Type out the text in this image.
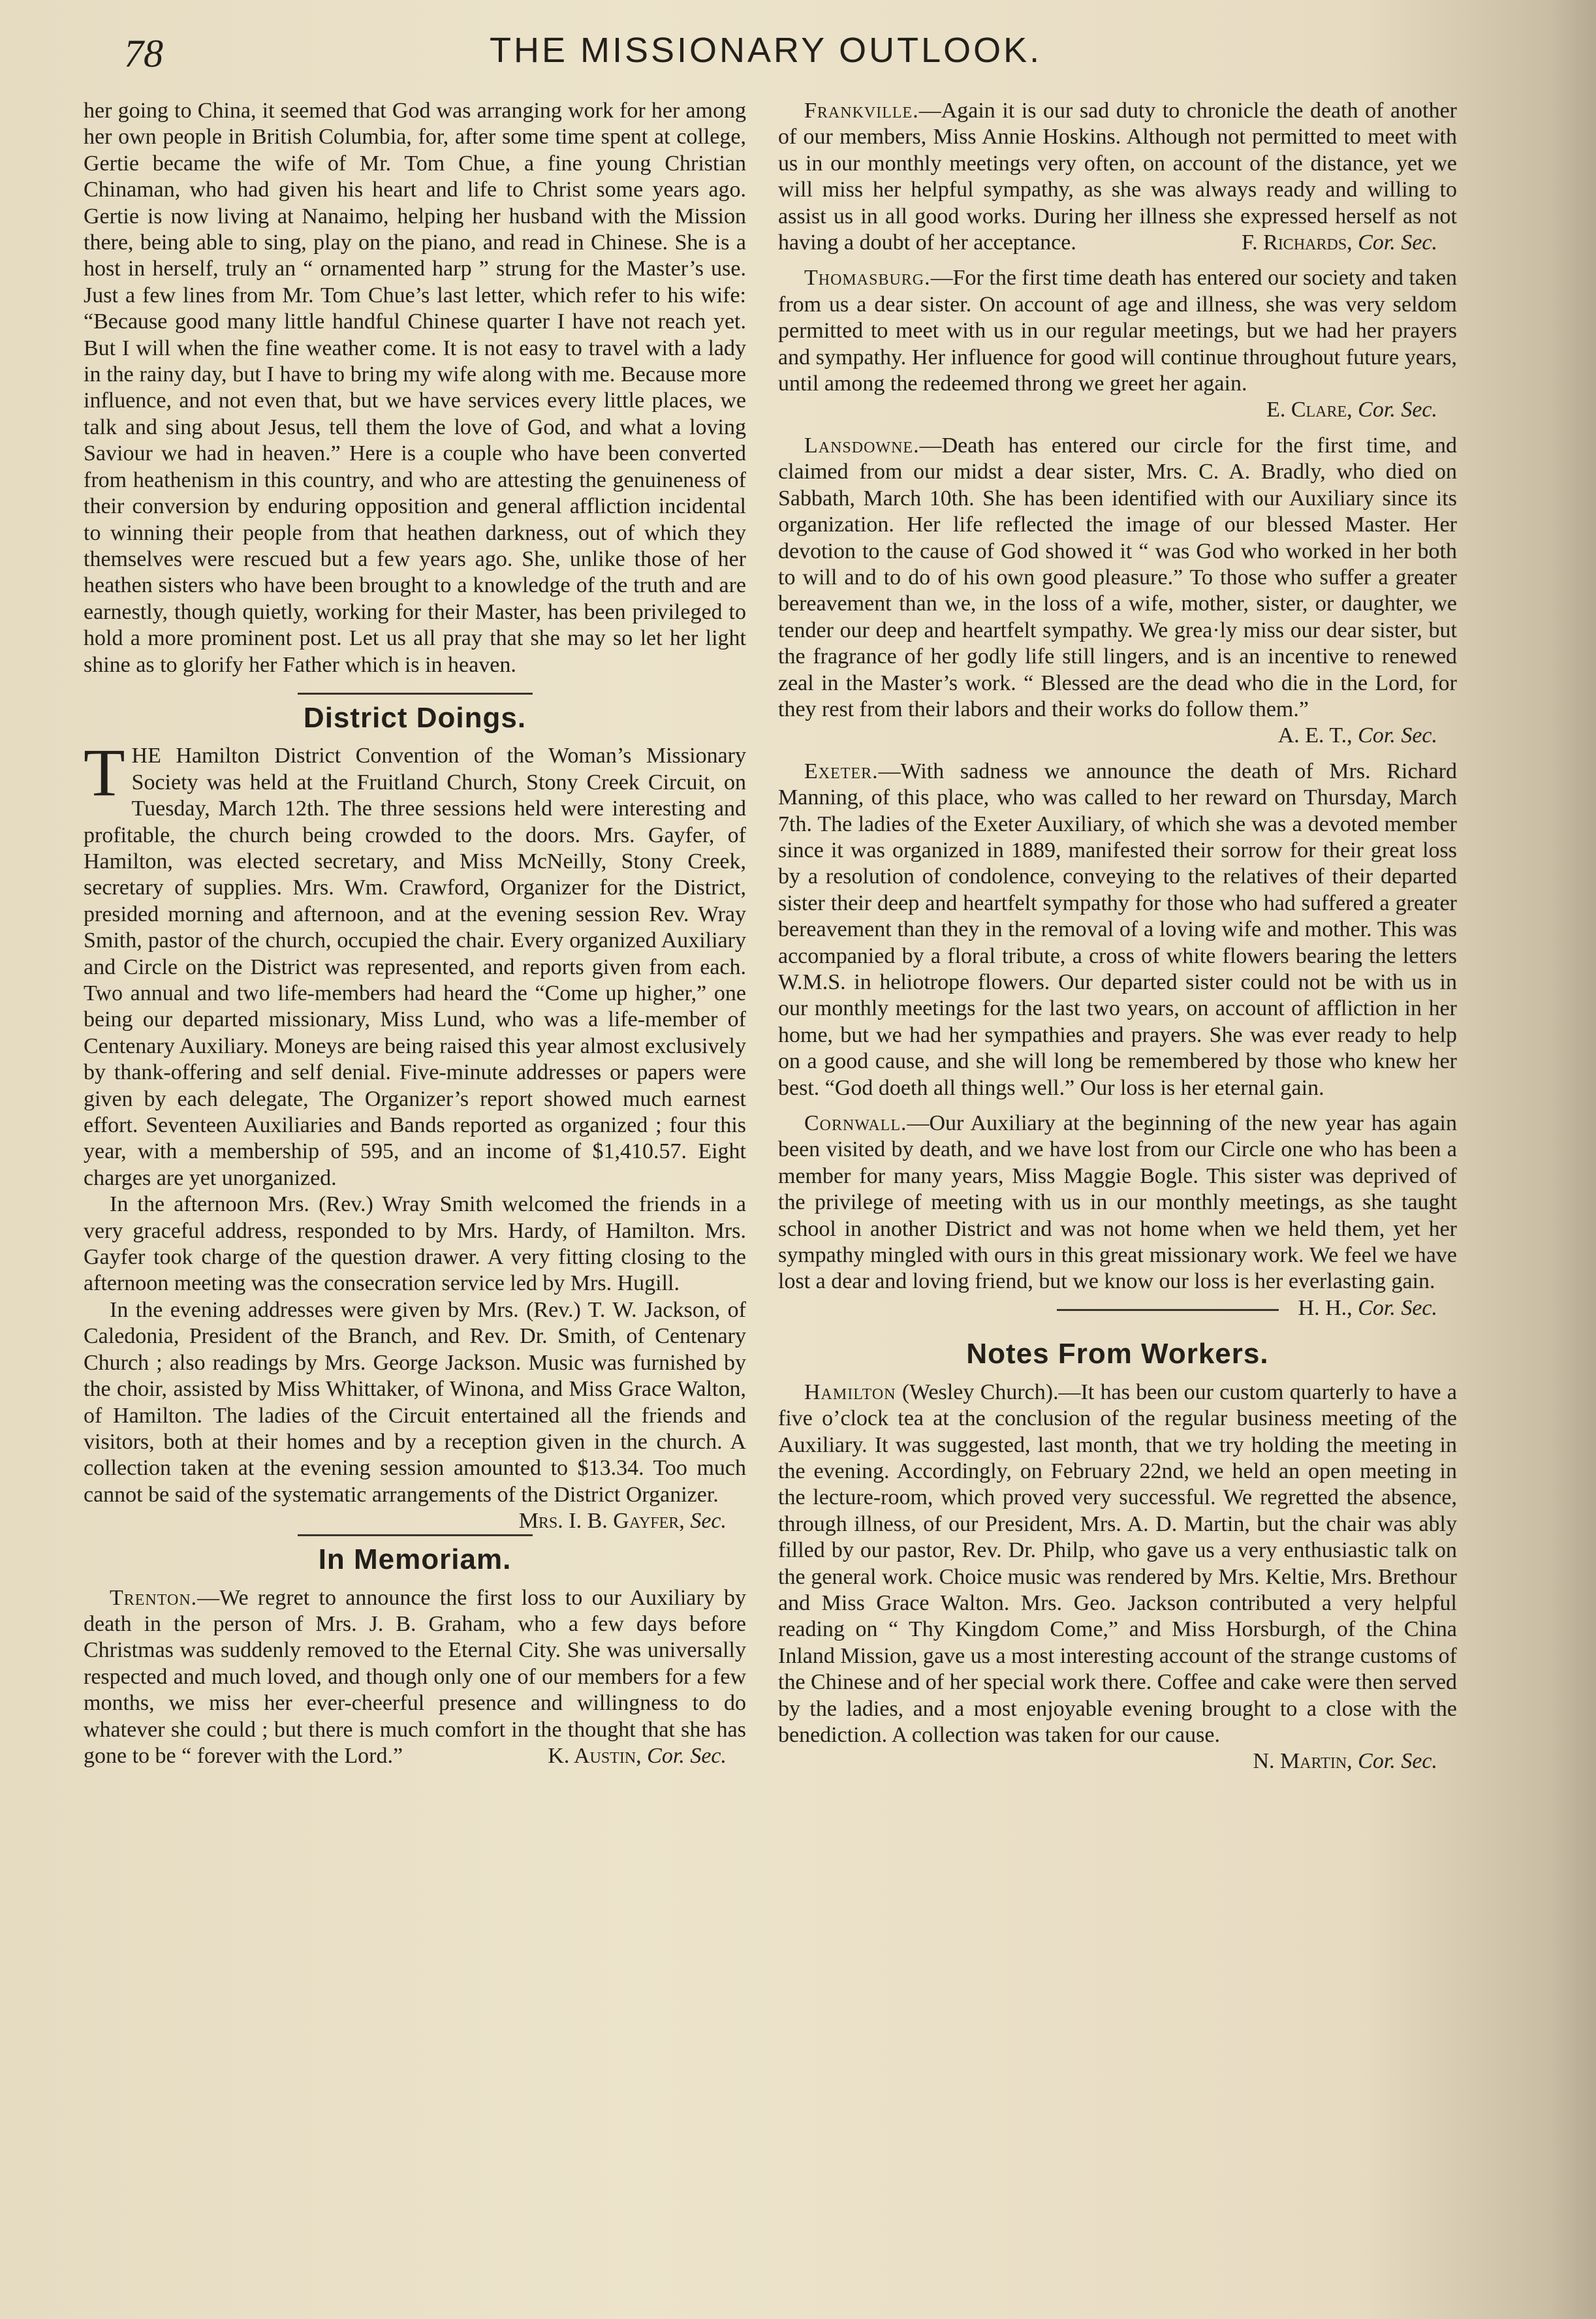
78	THE MISSIONARY OUTLOOK.

her going to China, it seemed that God was arranging work for her among her own people in British Columbia, for, after some time spent at college, Gertie became the wife of Mr. Tom Chue, a fine young Christian Chinaman, who had given his heart and life to Christ some years ago. Gertie is now living at Nanaimo, helping her husband with the Mission there, being able to sing, play on the piano, and read in Chinese. She is a host in herself, truly an “ ornamented harp ” strung for the Master’s use. Just a few lines from Mr. Tom Chue’s last letter, which refer to his wife: “Because good many little handful Chinese quarter I have not reach yet. But I will when the fine weather come. It is not easy to travel with a lady in the rainy day, but I have to bring my wife along with me. Because more influence, and not even that, but we have services every little places, we talk and sing about Jesus, tell them the love of God, and what a loving Saviour we had in heaven.” Here is a couple who have been converted from heathenism in this country, and who are attesting the genuineness of their conversion by enduring opposition and general affliction incidental to winning their people from that heathen darkness, out of which they themselves were rescued but a few years ago. She, unlike those of her heathen sisters who have been brought to a knowledge of the truth and are earnestly, though quietly, working for their Master, has been privileged to hold a more prominent post. Let us all pray that she may so let her light shine as to glorify her Father which is in heaven.

District Doings.

THE Hamilton District Convention of the Woman’s Missionary Society was held at the Fruitland Church, Stony Creek Circuit, on Tuesday, March 12th. The three sessions held were interesting and profitable, the church being crowded to the doors. Mrs. Gayfer, of Hamilton, was elected secretary, and Miss McNeilly, Stony Creek, secretary of supplies. Mrs. Wm. Crawford, Organizer for the District, presided morning and afternoon, and at the evening session Rev. Wray Smith, pastor of the church, occupied the chair. Every organized Auxiliary and Circle on the District was represented, and reports given from each. Two annual and two life-members had heard the “Come up higher,” one being our departed missionary, Miss Lund, who was a life-member of Centenary Auxiliary. Moneys are being raised this year almost exclusively by thank-offering and self denial. Five-minute addresses or papers were given by each delegate, The Organizer’s report showed much earnest effort. Seventeen Auxiliaries and Bands reported as organized ; four this year, with a membership of 595, and an income of $1,410.57. Eight charges are yet unorganized.

In the afternoon Mrs. (Rev.) Wray Smith welcomed the friends in a very graceful address, responded to by Mrs. Hardy, of Hamilton. Mrs. Gayfer took charge of the question drawer. A very fitting closing to the afternoon meeting was the consecration service led by Mrs. Hugill.

In the evening addresses were given by Mrs. (Rev.) T. W. Jackson, of Caledonia, President of the Branch, and Rev. Dr. Smith, of Centenary Church ; also readings by Mrs. George Jackson. Music was furnished by the choir, assisted by Miss Whittaker, of Winona, and Miss Grace Walton, of Hamilton. The ladies of the Circuit entertained all the friends and visitors, both at their homes and by a reception given in the church. A collection taken at the evening session amounted to $13.34. Too much cannot be said of the systematic arrangements of the District Organizer.
Mrs. I. B. Gayfer, Sec.

In Memoriam.

Trenton.—We regret to announce the first loss to our Auxiliary by death in the person of Mrs. J. B. Graham, who a few days before Christmas was suddenly removed to the Eternal City. She was universally respected and much loved, and though only one of our members for a few months, we miss her ever-cheerful presence and willingness to do whatever she could ; but there is much comfort in the thought that she has gone to be “ forever with the Lord.”	K. Austin, Cor. Sec.

Frankville.—Again it is our sad duty to chronicle the death of another of our members, Miss Annie Hoskins. Although not permitted to meet with us in our monthly meetings very often, on account of the distance, yet we will miss her helpful sympathy, as she was always ready and willing to assist us in all good works. During her illness she expressed herself as not having a doubt of her acceptance.	F. Richards, Cor. Sec.

Thomasburg.—For the first time death has entered our society and taken from us a dear sister. On account of age and illness, she was very seldom permitted to meet with us in our regular meetings, but we had her prayers and sympathy. Her influence for good will continue throughout future years, until among the redeemed throng we greet her again.
E. Clare, Cor. Sec.

Lansdowne.—Death has entered our circle for the first time, and claimed from our midst a dear sister, Mrs. C. A. Bradly, who died on Sabbath, March 10th. She has been identified with our Auxiliary since its organization. Her life reflected the image of our blessed Master. Her devotion to the cause of God showed it “ was God who worked in her both to will and to do of his own good pleasure.” To those who suffer a greater bereavement than we, in the loss of a wife, mother, sister, or daughter, we tender our deep and heartfelt sympathy. We grea·ly miss our dear sister, but the fragrance of her godly life still lingers, and is an incentive to renewed zeal in the Master’s work. “ Blessed are the dead who die in the Lord, for they rest from their labors and their works do follow them.”

A. E. T., Cor. Sec.

Exeter.—With sadness we announce the death of Mrs. Richard Manning, of this place, who was called to her reward on Thursday, March 7th. The ladies of the Exeter Auxiliary, of which she was a devoted member since it was organized in 1889, manifested their sorrow for their great loss by a resolution of condolence, conveying to the relatives of their departed sister their deep and heartfelt sympathy for those who had suffered a greater bereavement than they in the removal of a loving wife and mother. This was accompanied by a floral tribute, a cross of white flowers bearing the letters W.M.S. in heliotrope flowers. Our departed sister could not be with us in our monthly meetings for the last two years, on account of affliction in her home, but we had her sympathies and prayers. She was ever ready to help on a good cause, and she will long be remembered by those who knew her best. “God doeth all things well.” Our loss is her eternal gain.

Cornwall.—Our Auxiliary at the beginning of the new year has again been visited by death, and we have lost from our Circle one who has been a member for many years, Miss Maggie Bogle. This sister was deprived of the privilege of meeting with us in our monthly meetings, as she taught school in another District and was not home when we held them, yet her sympathy mingled with ours in this great missionary work. We feel we have lost a dear and loving friend, but we know our loss is her everlasting gain.

H. H., Cor. Sec.

Notes From Workers.

Hamilton (Wesley Church).—It has been our custom quarterly to have a five o’clock tea at the conclusion of the regular business meeting of the Auxiliary. It was suggested, last month, that we try holding the meeting in the evening. Accordingly, on February 22nd, we held an open meeting in the lecture-room, which proved very successful. We regretted the absence, through illness, of our President, Mrs. A. D. Martin, but the chair was ably filled by our pastor, Rev. Dr. Philp, who gave us a very enthusiastic talk on the general work. Choice music was rendered by Mrs. Keltie, Mrs. Brethour and Miss Grace Walton. Mrs. Geo. Jackson contributed a very helpful reading on “ Thy Kingdom Come,” and Miss Horsburgh, of the China Inland Mission, gave us a most interesting account of the strange customs of the Chinese and of her special work there. Coffee and cake were then served by the ladies, and a most enjoyable evening brought to a close with the benediction. A collection was taken for our cause.

N. Martin, Cor. Sec.
